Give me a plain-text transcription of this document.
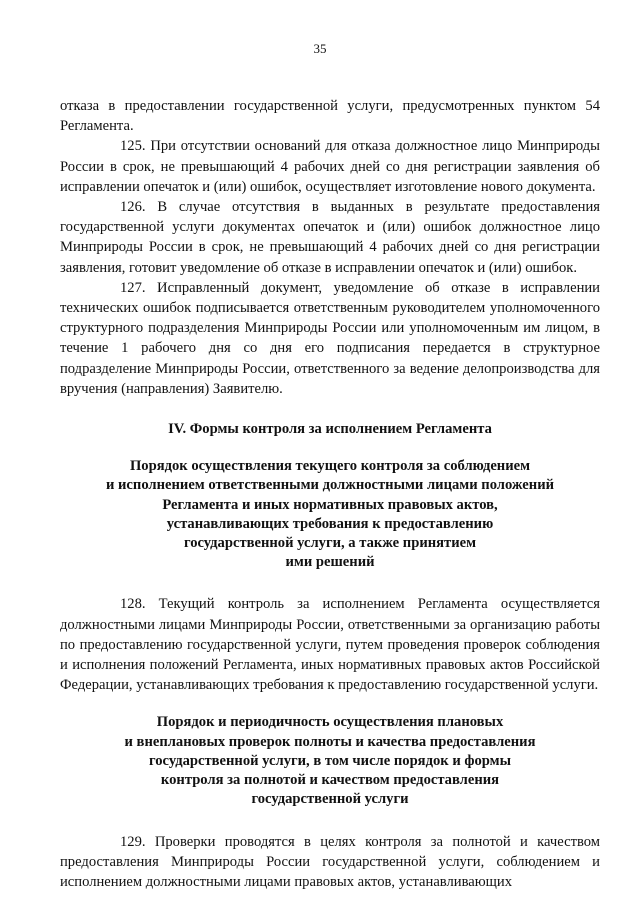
35

отказа в предоставлении государственной услуги, предусмотренных пунктом 54 Регламента.

125. При отсутствии оснований для отказа должностное лицо Минприроды России в срок, не превышающий 4 рабочих дней со дня регистрации заявления об исправлении опечаток и (или) ошибок, осуществляет изготовление нового документа.

126. В случае отсутствия в выданных в результате предоставления государственной услуги документах опечаток и (или) ошибок должностное лицо Минприроды России в срок, не превышающий 4 рабочих дней со дня регистрации заявления, готовит уведомление об отказе в исправлении опечаток и (или) ошибок.

127. Исправленный документ, уведомление об отказе в исправлении технических ошибок подписывается ответственным руководителем уполномоченного структурного подразделения Минприроды России или уполномоченным им лицом, в течение 1 рабочего дня со дня его подписания передается в структурное подразделение Минприроды России, ответственного за ведение делопроизводства для вручения (направления) Заявителю.

IV. Формы контроля за исполнением Регламента
Порядок осуществления текущего контроля за соблюдением
и исполнением ответственными должностными лицами положений
Регламента и иных нормативных правовых актов,
устанавливающих требования к предоставлению
государственной услуги, а также принятием
ими решений

128. Текущий контроль за исполнением Регламента осуществляется должностными лицами Минприроды России, ответственными за организацию работы по предоставлению государственной услуги, путем проведения проверок соблюдения и исполнения положений Регламента, иных нормативных правовых актов Российской Федерации, устанавливающих требования к предоставлению государственной услуги.

Порядок и периодичность осуществления плановых
и внеплановых проверок полноты и качества предоставления
государственной услуги, в том числе порядок и формы
контроля за полнотой и качеством предоставления
государственной услуги

129. Проверки проводятся в целях контроля за полнотой и качеством предоставления Минприроды России государственной услуги, соблюдением и исполнением должностными лицами правовых актов, устанавливающих
